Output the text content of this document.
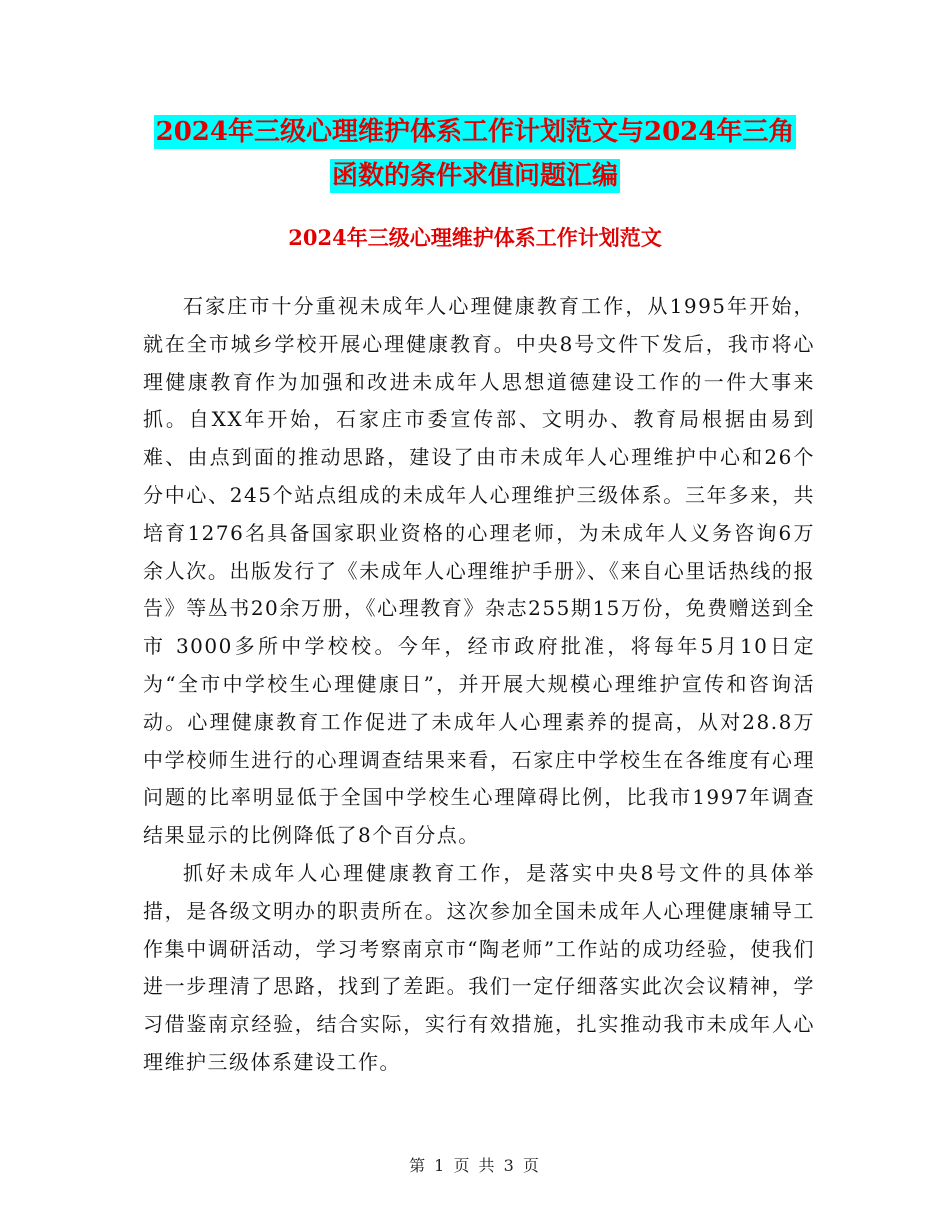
2024年三级心理维护体系工作计划范文与2024年三角
函数的条件求值问题汇编
2024年三级心理维护体系工作计划范文

石家庄市十分重视未成年人心理健康教育工作，从1995年开始，就在全市城乡学校开展心理健康教育。中央8号文件下发后，我市将心理健康教育作为加强和改进未成年人思想道德建设工作的一件大事来抓。自XX年开始，石家庄市委宣传部、文明办、教育局根据由易到难、由点到面的推动思路，建设了由市未成年人心理维护中心和26个分中心、245个站点组成的未成年人心理维护三级体系。三年多来，共培育1276名具备国家职业资格的心理老师，为未成年人义务咨询6万余人次。出版发行了《未成年人心理维护手册》、《来自心里话热线的报告》等丛书20余万册，《心理教育》杂志255期15万份，免费赠送到全市 3000多所中学校校。今年，经市政府批准，将每年5月10日定为“全市中学校生心理健康日”，并开展大规模心理维护宣传和咨询活动。心理健康教育工作促进了未成年人心理素养的提高，从对28.8万中学校师生进行的心理调查结果来看，石家庄中学校生在各维度有心理问题的比率明显低于全国中学校生心理障碍比例，比我市1997年调查结果显示的比例降低了8个百分点。

抓好未成年人心理健康教育工作，是落实中央8号文件的具体举措，是各级文明办的职责所在。这次参加全国未成年人心理健康辅导工作集中调研活动，学习考察南京市“陶老师”工作站的成功经验，使我们进一步理清了思路，找到了差距。我们一定仔细落实此次会议精神，学习借鉴南京经验，结合实际，实行有效措施，扎实推动我市未成年人心理维护三级体系建设工作。

第 1 页 共 3 页
